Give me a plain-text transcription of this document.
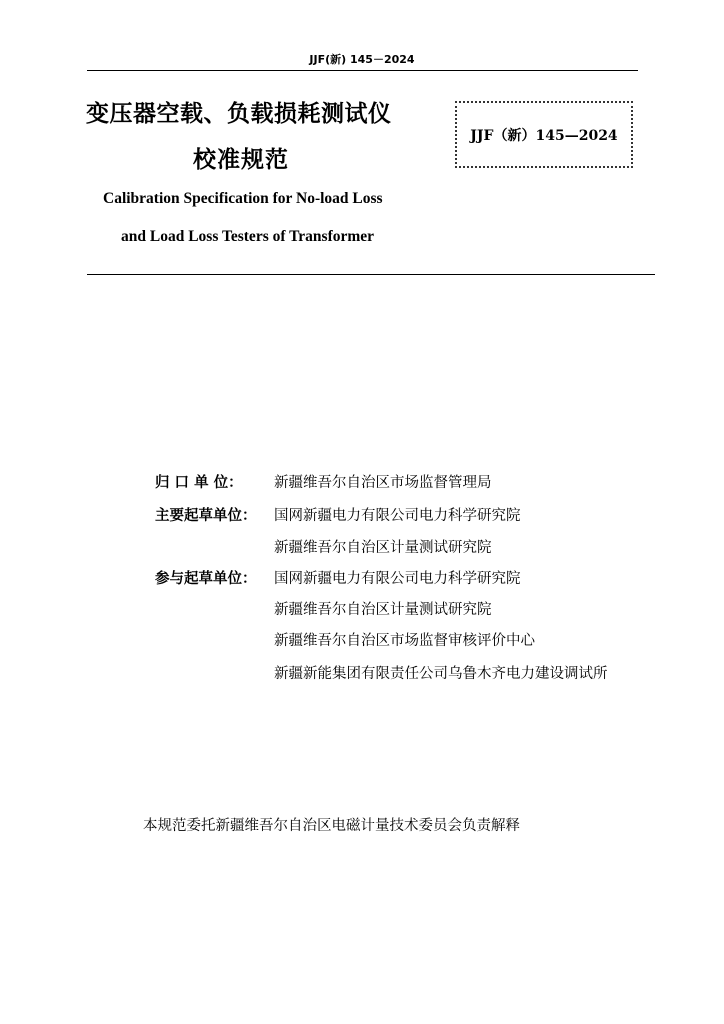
JJF(新) 145－2024
变压器空载、负载损耗测试仪
校准规范
JJF（新）145—2024
Calibration Specification for No-load Loss
and Load Loss Testers of Transformer
归 口 单 位： 新疆维吾尔自治区市场监督管理局
主要起草单位： 国网新疆电力有限公司电力科学研究院
新疆维吾尔自治区计量测试研究院
参与起草单位： 国网新疆电力有限公司电力科学研究院
新疆维吾尔自治区计量测试研究院
新疆维吾尔自治区市场监督审核评价中心
新疆新能集团有限责任公司乌鲁木齐电力建设调试所
本规范委托新疆维吾尔自治区电磁计量技术委员会负责解释
